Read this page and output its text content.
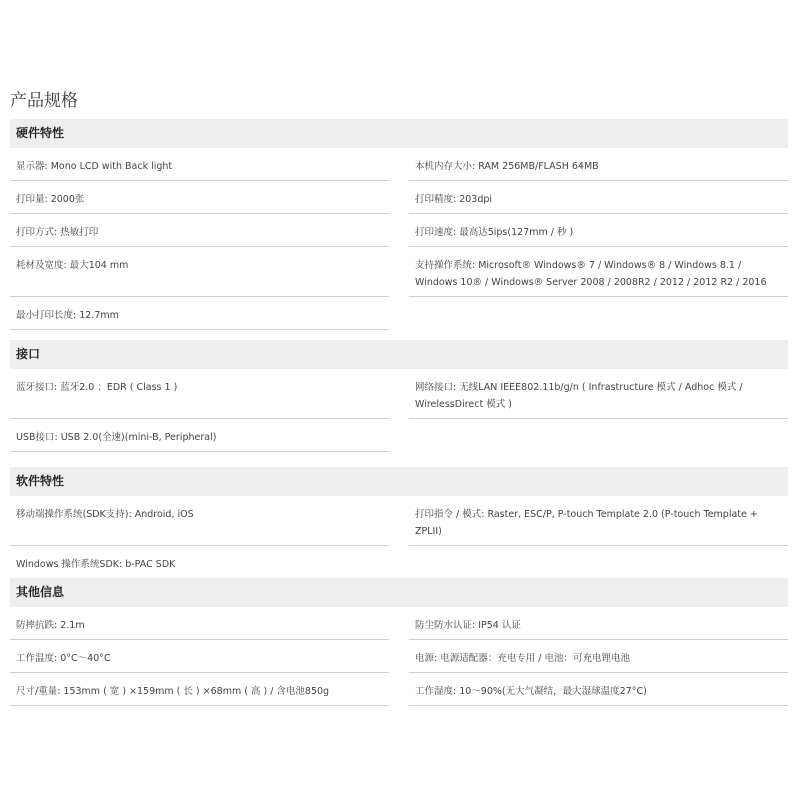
产品规格
硬件特性
显示器: Mono LCD with Back light	本机内存大小: RAM 256MB/FLASH 64MB
打印量: 2000张	打印精度: 203dpi
打印方式: 热敏打印	打印速度: 最高达5ips(127mm / 秒 )
耗材及宽度: 最大104 mm	支持操作系统: Microsoft® Windows® 7 / Windows® 8 / Windows 8.1 / Windows 10® / Windows® Server 2008 / 2008R2 / 2012 / 2012 R2 / 2016
最小打印长度: 12.7mm
接口
蓝牙接口: 蓝牙2.0 ；EDR ( Class 1 )	网络接口: 无线LAN IEEE802.11b/g/n ( Infrastructure 模式 / Adhoc 模式 / WirelessDirect 模式 )
USB接口: USB 2.0(全速)(mini-B, Peripheral)
软件特性
移动端操作系统(SDK支持): Android, iOS	打印指令 / 模式: Raster, ESC/P, P-touch Template 2.0 (P-touch Template + ZPLII)
Windows 操作系统SDK: b-PAC SDK
其他信息
防摔抗跌: 2.1m	防尘防水认证: IP54 认证
工作温度: 0°C～40°C	电源: 电源适配器：充电专用 / 电池：可充电锂电池
尺寸/重量: 153mm ( 宽 ) ×159mm ( 长 ) ×68mm ( 高 ) / 含电池850g	工作湿度: 10～90%(无大气凝结，最大湿球温度27°C)
